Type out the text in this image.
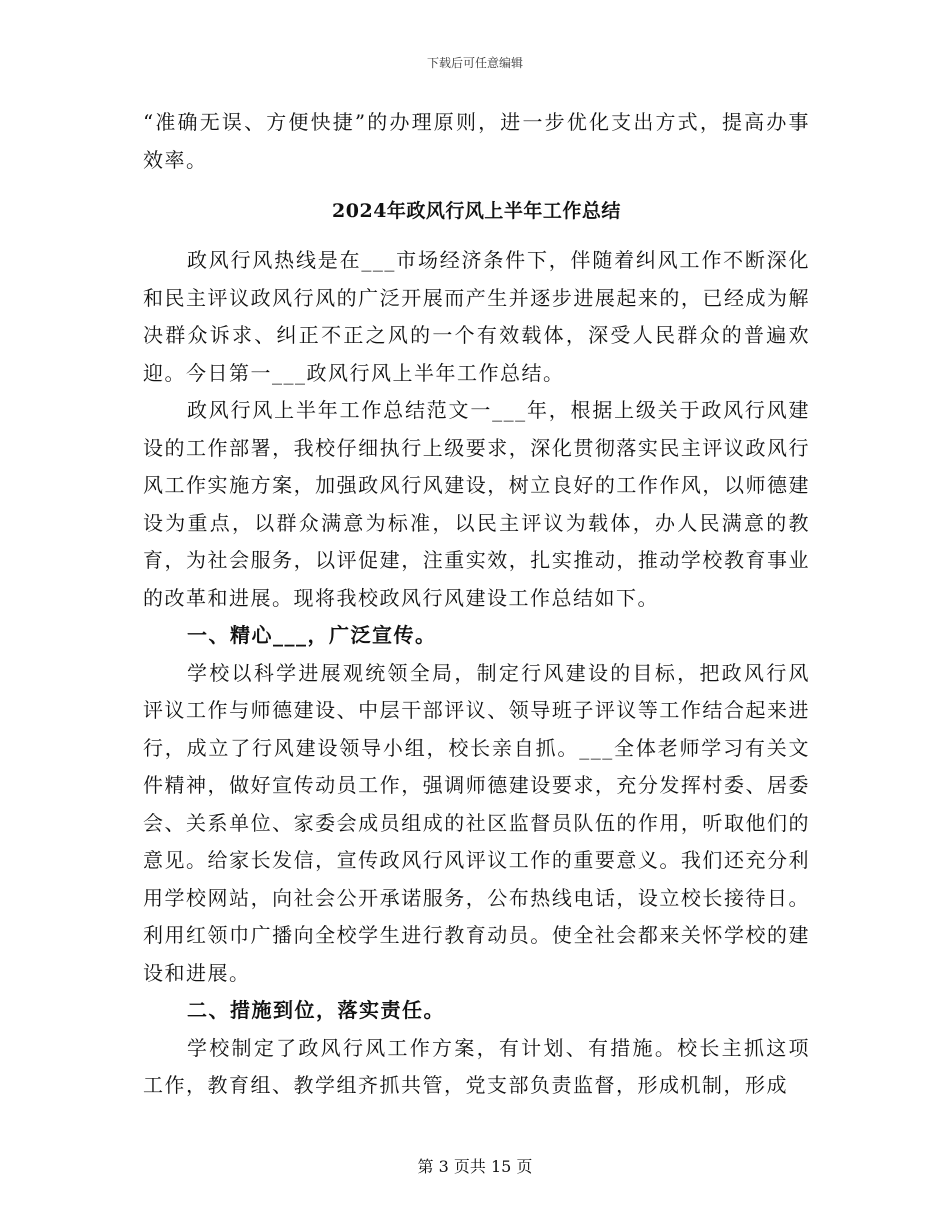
下载后可任意编辑

“准确无误、方便快捷”的办理原则，进一步优化支出方式，提高办事效率。

2024年政风行风上半年工作总结

政风行风热线是在___市场经济条件下，伴随着纠风工作不断深化和民主评议政风行风的广泛开展而产生并逐步进展起来的，已经成为解决群众诉求、纠正不正之风的一个有效载体，深受人民群众的普遍欢迎。今日第一___政风行风上半年工作总结。

政风行风上半年工作总结范文一___年，根据上级关于政风行风建设的工作部署，我校仔细执行上级要求，深化贯彻落实民主评议政风行风工作实施方案，加强政风行风建设，树立良好的工作作风，以师德建设为重点，以群众满意为标准，以民主评议为载体，办人民满意的教育，为社会服务，以评促建，注重实效，扎实推动，推动学校教育事业的改革和进展。现将我校政风行风建设工作总结如下。

一、精心___，广泛宣传。

学校以科学进展观统领全局，制定行风建设的目标，把政风行风评议工作与师德建设、中层干部评议、领导班子评议等工作结合起来进行，成立了行风建设领导小组，校长亲自抓。___全体老师学习有关文件精神，做好宣传动员工作，强调师德建设要求，充分发挥村委、居委会、关系单位、家委会成员组成的社区监督员队伍的作用，听取他们的意见。给家长发信，宣传政风行风评议工作的重要意义。我们还充分利用学校网站，向社会公开承诺服务，公布热线电话，设立校长接待日。利用红领巾广播向全校学生进行教育动员。使全社会都来关怀学校的建设和进展。

二、措施到位，落实责任。

学校制定了政风行风工作方案，有计划、有措施。校长主抓这项工作，教育组、教学组齐抓共管，党支部负责监督，形成机制，形成

第 3 页共 15 页
